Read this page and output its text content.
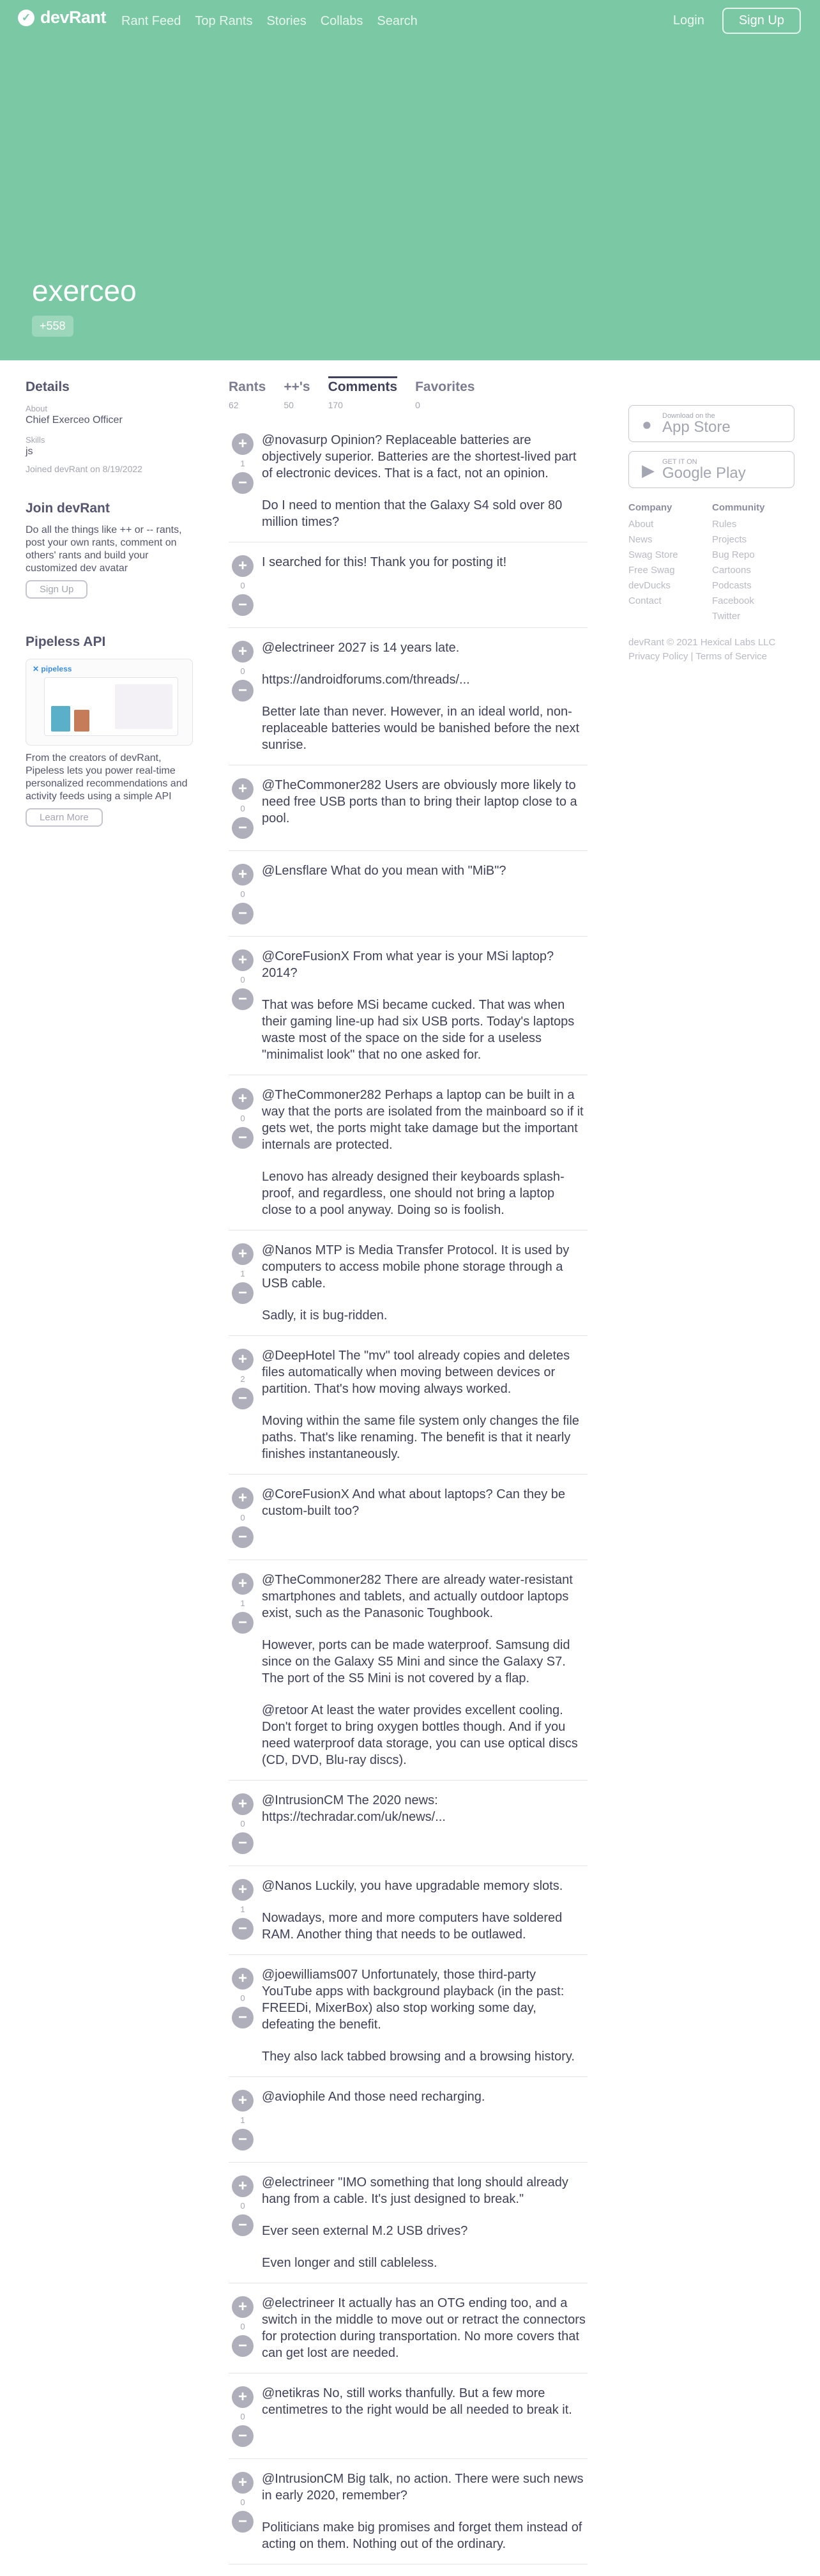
✓ devRant Rant Feed Top Rants Stories Collabs Search	Login	Sign Up
exerceo
+558
Details
About
Chief Exerceo Officer
Skills
js
Joined devRant on 8/19/2022
Join devRant
Do all the things like ++ or -- rants, post your own rants, comment on others' rants and build your customized dev avatar
Sign Up
Pipeless API
✕ pipeless
From the creators of devRant, Pipeless lets you power real-time personalized recommendations and activity feeds using a simple API
Learn More
Rants
62
++'s
50
Comments
170
Favorites
0
+
1
−

@novasurp Opinion? Replaceable batteries are objectively superior. Batteries are the shortest-lived part of electronic devices. That is a fact, not an opinion.

Do I need to mention that the Galaxy S4 sold over 80 million times?

+
0
−

I searched for this! Thank you for posting it!

+
0
−

@electrineer 2027 is 14 years late.

https://androidforums.com/threads/...

Better late than never. However, in an ideal world, non-replaceable batteries would be banished before the next sunrise.

+
0
−

@TheCommoner282 Users are obviously more likely to need free USB ports than to bring their laptop close to a pool.

+
0
−

@Lensflare What do you mean with "MiB"?

+
0
−

@CoreFusionX From what year is your MSi laptop? 2014?

That was before MSi became cucked. That was when their gaming line-up had six USB ports. Today's laptops waste most of the space on the side for a useless "minimalist look" that no one asked for.

+
0
−

@TheCommoner282 Perhaps a laptop can be built in a way that the ports are isolated from the mainboard so if it gets wet, the ports might take damage but the important internals are protected.

Lenovo has already designed their keyboards splash-proof, and regardless, one should not bring a laptop close to a pool anyway. Doing so is foolish.

+
1
−

@Nanos MTP is Media Transfer Protocol. It is used by computers to access mobile phone storage through a USB cable.

Sadly, it is bug-ridden.

+
2
−

@DeepHotel The "mv" tool already copies and deletes files automatically when moving between devices or partition. That's how moving always worked.

Moving within the same file system only changes the file paths. That's like renaming. The benefit is that it nearly finishes instantaneously.

+
0
−

@CoreFusionX And what about laptops? Can they be custom-built too?

+
1
−

@TheCommoner282 There are already water-resistant smartphones and tablets, and actually outdoor laptops exist, such as the Panasonic Toughbook.

However, ports can be made waterproof. Samsung did since on the Galaxy S5 Mini and since the Galaxy S7. The port of the S5 Mini is not covered by a flap.

@retoor At least the water provides excellent cooling. Don't forget to bring oxygen bottles though. And if you need waterproof data storage, you can use optical discs (CD, DVD, Blu-ray discs).

+
0
−

@IntrusionCM The 2020 news: https://techradar.com/uk/news/...

+
1
−

@Nanos Luckily, you have upgradable memory slots.

Nowadays, more and more computers have soldered RAM. Another thing that needs to be outlawed.

+
0
−

@joewilliams007 Unfortunately, those third-party YouTube apps with background playback (in the past: FREEDi, MixerBox) also stop working some day, defeating the benefit.

They also lack tabbed browsing and a browsing history.

+
1
−

@aviophile And those need recharging.

+
0
−

@electrineer "IMO something that long should already hang from a cable. It's just designed to break."

Ever seen external M.2 USB drives?

Even longer and still cableless.

+
0
−

@electrineer It actually has an OTG ending too, and a switch in the middle to move out or retract the connectors for protection during transportation. No more covers that can get lost are needed.

+
0
−

@netikras No, still works thanfully. But a few more centimetres to the right would be all needed to break it.

+
0
−

@IntrusionCM Big talk, no action. There were such news in early 2020, remember?

Politicians make big promises and forget them instead of acting on them. Nothing out of the ordinary.

● Download on the
App Store
▶ GET IT ON
Google Play
Company
About
News
Swag Store
Free Swag
devDucks
Contact
Community
Rules
Projects
Bug Repo
Cartoons
Podcasts
Facebook
Twitter
devRant © 2021 Hexical Labs LLC
Privacy Policy | Terms of Service
